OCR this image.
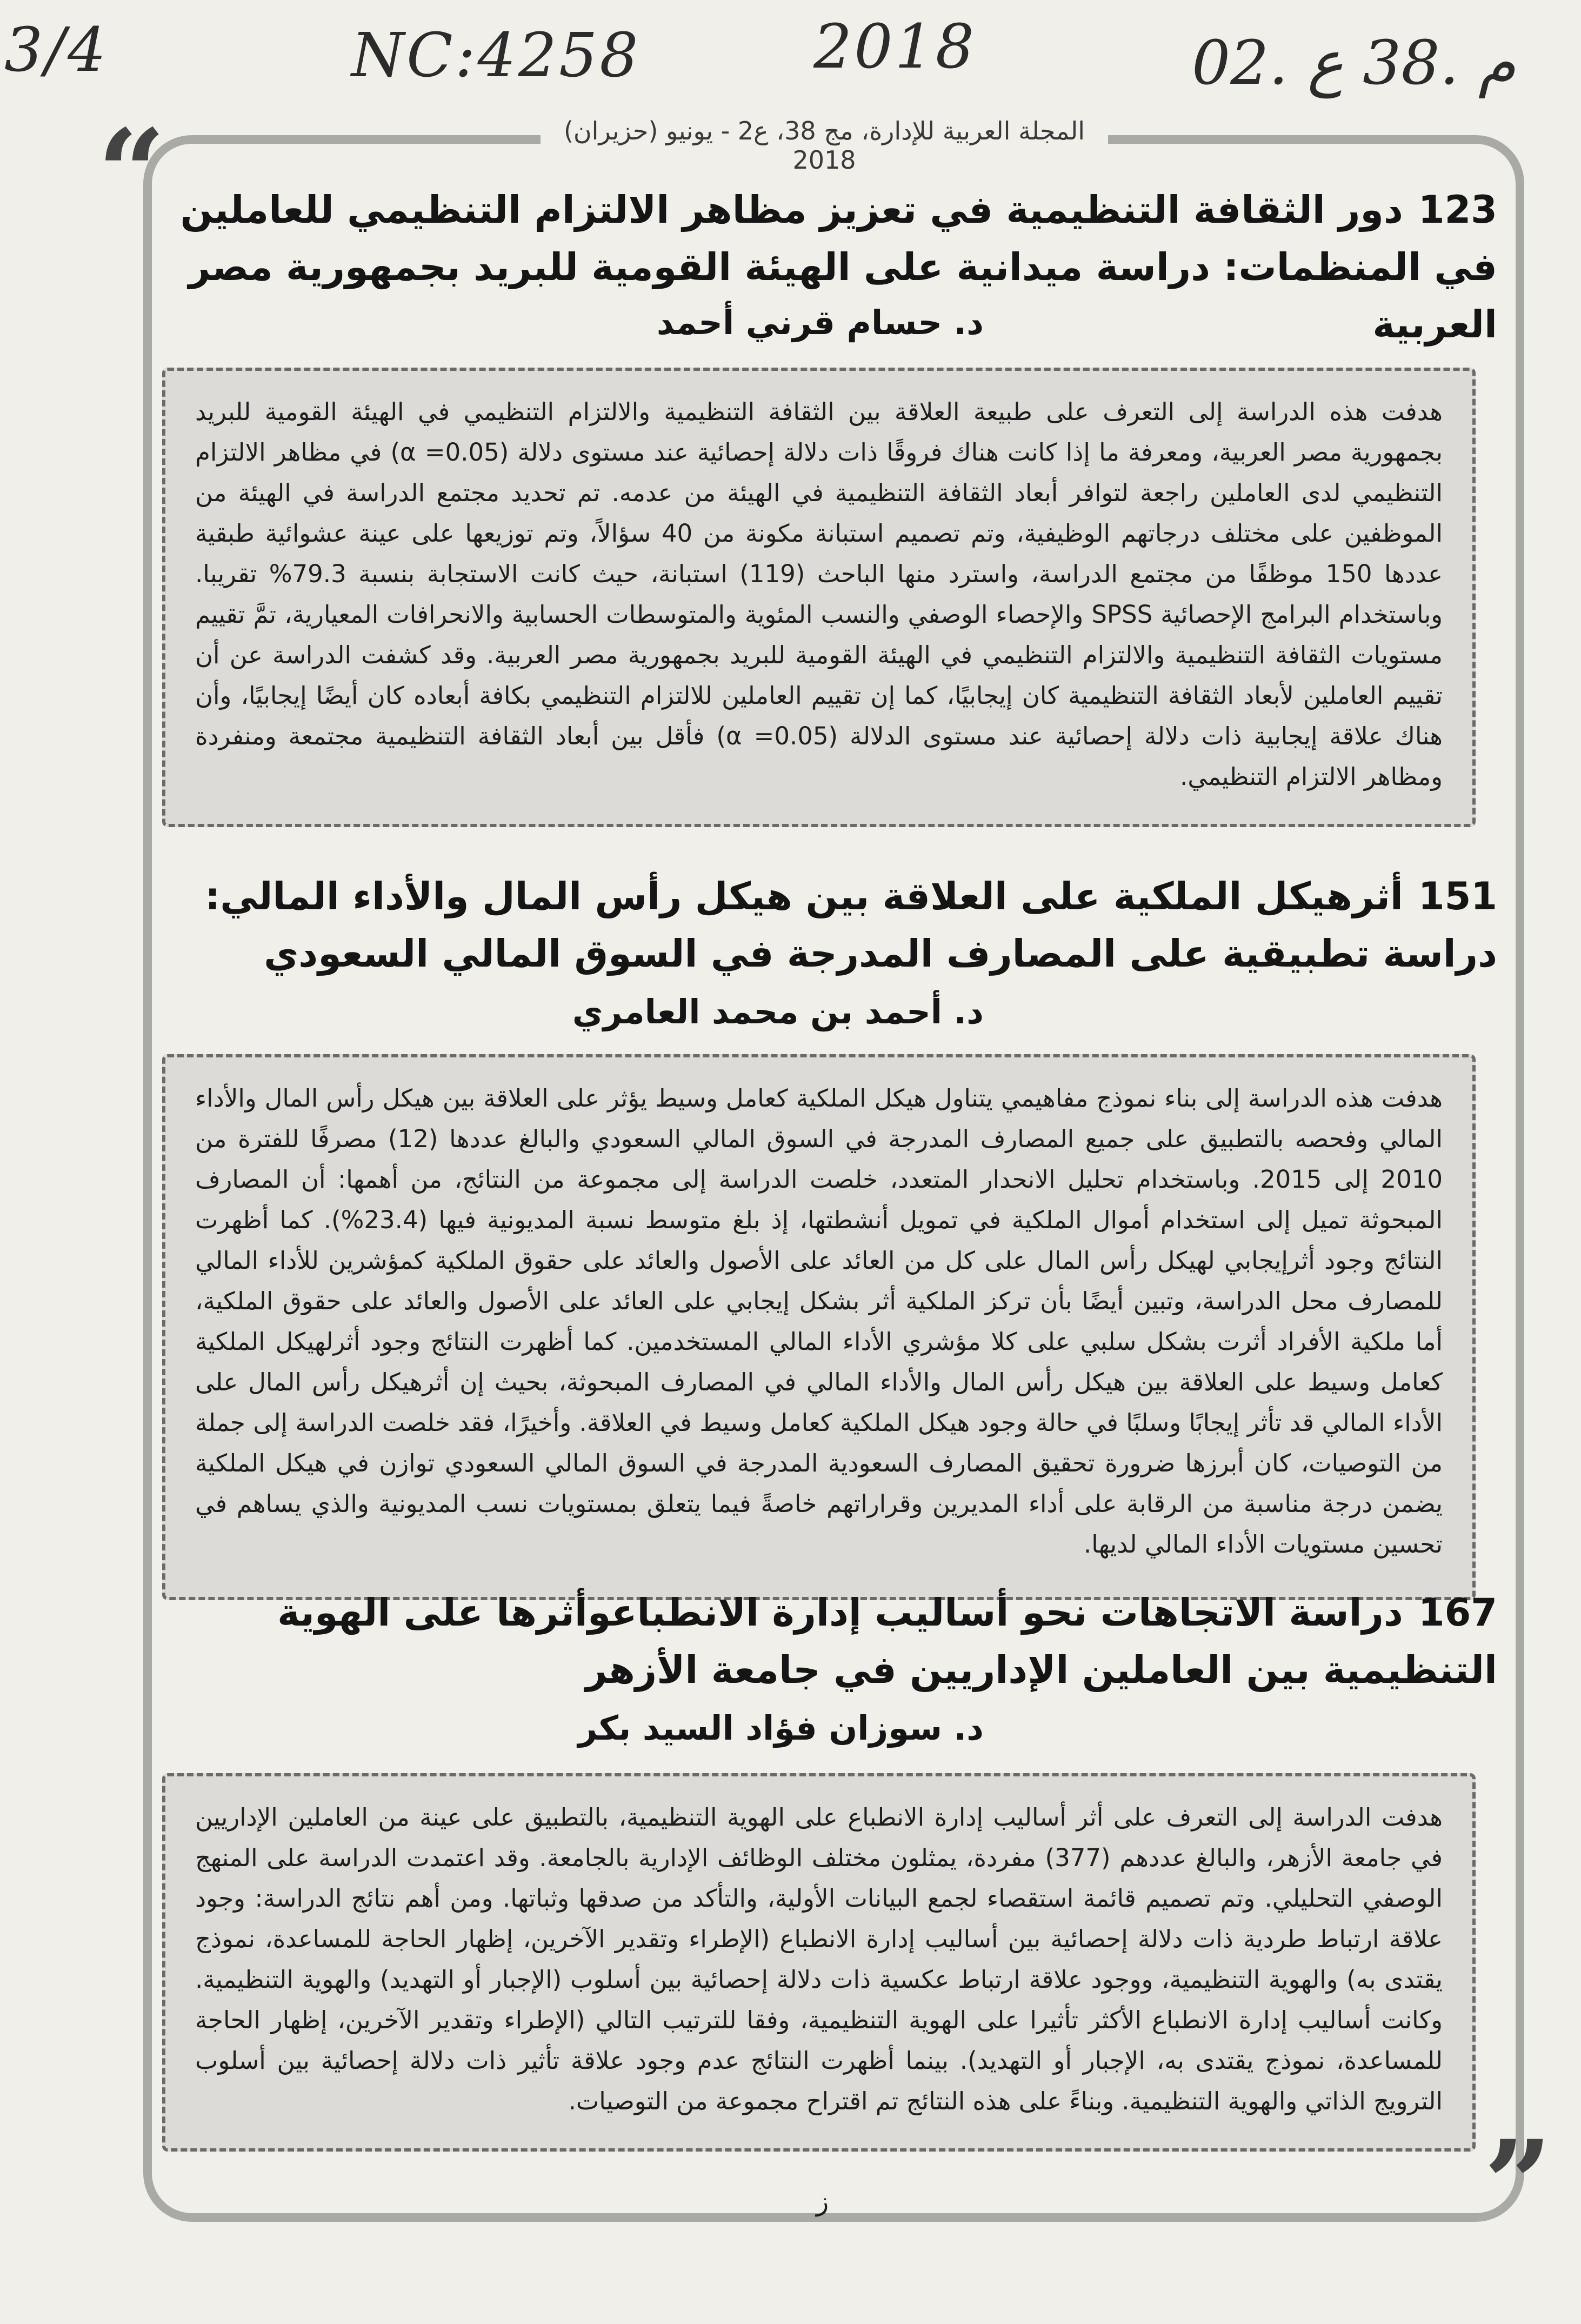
3/4	NC:4258	2018	م .38 ع .02
المجلة العربية للإدارة، مج 38، ع2 - يونيو (حزيران) 2018
“
”
123دور الثقافة التنظيمية في تعزيز مظاهر الالتزام التنظيمي للعاملين في المنظمات: دراسة ميدانية على الهيئة القومية للبريد بجمهورية مصر العربية
د. حسام قرني أحمد
هدفت هذه الدراسة إلى التعرف على طبيعة العلاقة بين الثقافة التنظيمية والالتزام التنظيمي في الهيئة القومية للبريد بجمهورية مصر العربية، ومعرفة ما إذا كانت هناك فروقًا ذات دلالة إحصائية عند مستوى دلالة (α =0.05) في مظاهر الالتزام التنظيمي لدى العاملين راجعة لتوافر أبعاد الثقافة التنظيمية في الهيئة من عدمه. تم تحديد مجتمع الدراسة في الهيئة من الموظفين على مختلف درجاتهم الوظيفية، وتم تصميم استبانة مكونة من 40 سؤالاً، وتم توزيعها على عينة عشوائية طبقية عددها 150 موظفًا من مجتمع الدراسة، واسترد منها الباحث (119) استبانة، حيث كانت الاستجابة بنسبة 79.3% تقريبا. وباستخدام البرامج الإحصائية SPSS والإحصاء الوصفي والنسب المئوية والمتوسطات الحسابية والانحرافات المعيارية، تمَّ تقييم مستويات الثقافة التنظيمية والالتزام التنظيمي في الهيئة القومية للبريد بجمهورية مصر العربية. وقد كشفت الدراسة عن أن تقييم العاملين لأبعاد الثقافة التنظيمية كان إيجابيًا، كما إن تقييم العاملين للالتزام التنظيمي بكافة أبعاده كان أيضًا إيجابيًا، وأن هناك علاقة إيجابية ذات دلالة إحصائية عند مستوى الدلالة (α =0.05) فأقل بين أبعاد الثقافة التنظيمية مجتمعة ومنفردة ومظاهر الالتزام التنظيمي.
151أثرهيكل الملكية على العلاقة بين هيكل رأس المال والأداء المالي: دراسة تطبيقية على المصارف المدرجة في السوق المالي السعودي
د. أحمد بن محمد العامري
هدفت هذه الدراسة إلى بناء نموذج مفاهيمي يتناول هيكل الملكية كعامل وسيط يؤثر على العلاقة بين هيكل رأس المال والأداء المالي وفحصه بالتطبيق على جميع المصارف المدرجة في السوق المالي السعودي والبالغ عددها (12) مصرفًا للفترة من 2010 إلى 2015. وباستخدام تحليل الانحدار المتعدد، خلصت الدراسة إلى مجموعة من النتائج، من أهمها: أن المصارف المبحوثة تميل إلى استخدام أموال الملكية في تمويل أنشطتها، إذ بلغ متوسط نسبة المديونية فيها (23.4%). كما أظهرت النتائج وجود أثرإيجابي لهيكل رأس المال على كل من العائد على الأصول والعائد على حقوق الملكية كمؤشرين للأداء المالي للمصارف محل الدراسة، وتبين أيضًا بأن تركز الملكية أثر بشكل إيجابي على العائد على الأصول والعائد على حقوق الملكية، أما ملكية الأفراد أثرت بشكل سلبي على كلا مؤشري الأداء المالي المستخدمين. كما أظهرت النتائج وجود أثرلهيكل الملكية كعامل وسيط على العلاقة بين هيكل رأس المال والأداء المالي في المصارف المبحوثة، بحيث إن أثرهيكل رأس المال على الأداء المالي قد تأثر إيجابًا وسلبًا في حالة وجود هيكل الملكية كعامل وسيط في العلاقة. وأخيرًا، فقد خلصت الدراسة إلى جملة من التوصيات، كان أبرزها ضرورة تحقيق المصارف السعودية المدرجة في السوق المالي السعودي توازن في هيكل الملكية يضمن درجة مناسبة من الرقابة على أداء المديرين وقراراتهم خاصةً فيما يتعلق بمستويات نسب المديونية والذي يساهم في تحسين مستويات الأداء المالي لديها.
167دراسة الاتجاهات نحو أساليب إدارة الانطباعوأثرها على الهوية التنظيمية بين العاملين الإداريين في جامعة الأزهر
د. سوزان فؤاد السيد بكر
هدفت الدراسة إلى التعرف على أثر أساليب إدارة الانطباع على الهوية التنظيمية، بالتطبيق على عينة من العاملين الإداريين في جامعة الأزهر، والبالغ عددهم (377) مفردة، يمثلون مختلف الوظائف الإدارية بالجامعة. وقد اعتمدت الدراسة على المنهج الوصفي التحليلي. وتم تصميم قائمة استقصاء لجمع البيانات الأولية، والتأكد من صدقها وثباتها. ومن أهم نتائج الدراسة: وجود علاقة ارتباط طردية ذات دلالة إحصائية بين أساليب إدارة الانطباع (الإطراء وتقدير الآخرين، إظهار الحاجة للمساعدة، نموذج يقتدى به) والهوية التنظيمية، ووجود علاقة ارتباط عكسية ذات دلالة إحصائية بين أسلوب (الإجبار أو التهديد) والهوية التنظيمية. وكانت أساليب إدارة الانطباع الأكثر تأثيرا على الهوية التنظيمية، وفقا للترتيب التالي (الإطراء وتقدير الآخرين، إظهار الحاجة للمساعدة، نموذج يقتدى به، الإجبار أو التهديد). بينما أظهرت النتائج عدم وجود علاقة تأثير ذات دلالة إحصائية بين أسلوب الترويج الذاتي والهوية التنظيمية. وبناءً على هذه النتائج تم اقتراح مجموعة من التوصيات.
ز
